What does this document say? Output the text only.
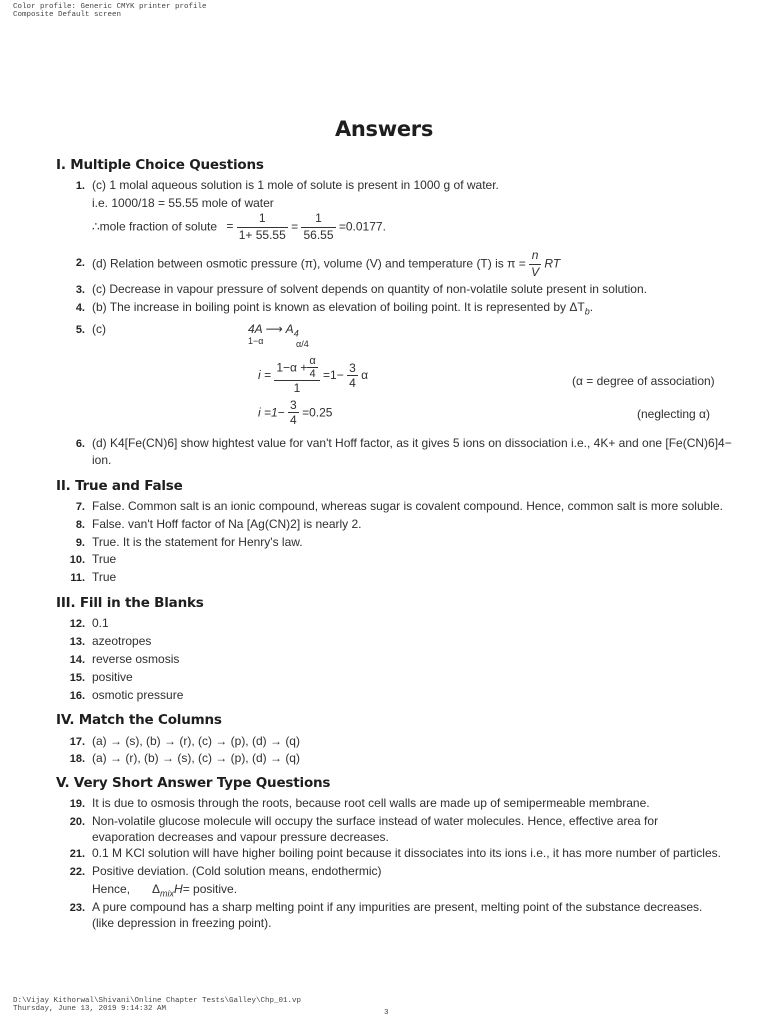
Color profile: Generic CMYK printer profile
Composite Default screen
Answers
I. Multiple Choice Questions
1. (c) 1 molal aqueous solution is 1 mole of solute is present in 1000 g of water.
i.e. 1000/18 = 55.55 mole of water
∴mole fraction of solute = $\frac{1}{1+ 55.55} = \frac{1}{56.55} =0.0177$.
2. (d) Relation between osmotic pressure (π), volume (V) and temperature (T) is $\pi = \frac{n}{V}$ RT
3. (c) Decrease in vapour pressure of solvent depends on quantity of non-volatile solute present in solution.
4. (b) The increase in boiling point is known as elevation of boiling point. It is represented by $\Delta T_b$.
5. (c)	4A ⟶ $A_4$
1−α	α/4
$i = \frac{1-\alpha + \frac{\alpha}{4}}{1} =1- \frac{3}{4}$ α	(α = degree of association)
$i =1- \frac{3}{4} =0.25$	(neglecting α)
6. (d) K4[Fe(CN)6] show hightest value for van't Hoff factor, as it gives 5 ions on dissociation i.e., 4K+ and one [Fe(CN)6]4−
ion.
II. True and False
7. False. Common salt is an ionic compound, whereas sugar is covalent compound. Hence, common salt is more soluble.
8. False. van't Hoff factor of Na [Ag(CN)2] is nearly 2.
9. True. It is the statement for Henry's law.
10. True
11. True
III. Fill in the Blanks
12. 0.1
13. azeotropes
14. reverse osmosis
15. positive
16. osmotic pressure
IV. Match the Columns
17. (a) → (s), (b) → (r), (c) → (p), (d) → (q)
18. (a) → (r), (b) → (s), (c) → (p), (d) → (q)
V. Very Short Answer Type Questions
19. It is due to osmosis through the roots, because root cell walls are made up of semipermeable membrane.
20. Non-volatile glucose molecule will occupy the surface instead of water molecules. Hence, effective area for evaporation decreases and vapour pressure decreases.
21. 0.1 M KCl solution will have higher boiling point because it dissociates into its ions i.e., it has more number of particles.
22. Positive deviation. (Cold solution means, endothermic)
Hence, $\Delta_{mix}H=$ positive.
23. A pure compound has a sharp melting point if any impurities are present, melting point of the substance decreases. (like depression in freezing point).
D:\Vijay Kithorwal\Shivani\Online Chapter Tests\Galley\Chp_01.vp
Thursday, June 13, 2019 9:14:32 AM	3
